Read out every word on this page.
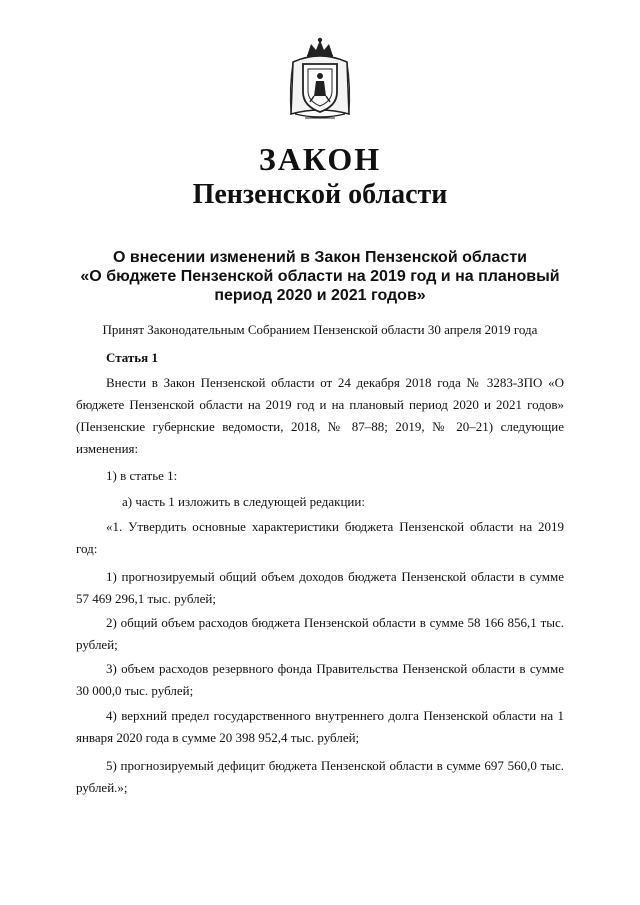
ЗАКОН
Пензенской области
О внесении изменений в Закон Пензенской области
«О бюджете Пензенской области на 2019 год и на плановый
период 2020 и 2021 годов»
Принят Законодательным Собранием Пензенской области 30 апреля 2019 года
Статья 1

Внести в Закон Пензенской области от 24 декабря 2018 года № 3283-ЗПО «О бюджете Пензенской области на 2019 год и на плановый период 2020 и 2021 годов» (Пензенские губернские ведомости, 2018, № 87–88; 2019, № 20–21) следующие изменения:

1) в статье 1:

а) часть 1 изложить в следующей редакции:

«1. Утвердить основные характеристики бюджета Пензенской области на 2019 год:

1) прогнозируемый общий объем доходов бюджета Пензенской области в сумме 57 469 296,1 тыс. рублей;

2) общий объем расходов бюджета Пензенской области в сумме 58 166 856,1 тыс. рублей;

3) объем расходов резервного фонда Правительства Пензенской области в сумме 30 000,0 тыс. рублей;

4) верхний предел государственного внутреннего долга Пензенской области на 1 января 2020 года в сумме 20 398 952,4 тыс. рублей;

5) прогнозируемый дефицит бюджета Пензенской области в сумме 697 560,0 тыс. рублей.»;
